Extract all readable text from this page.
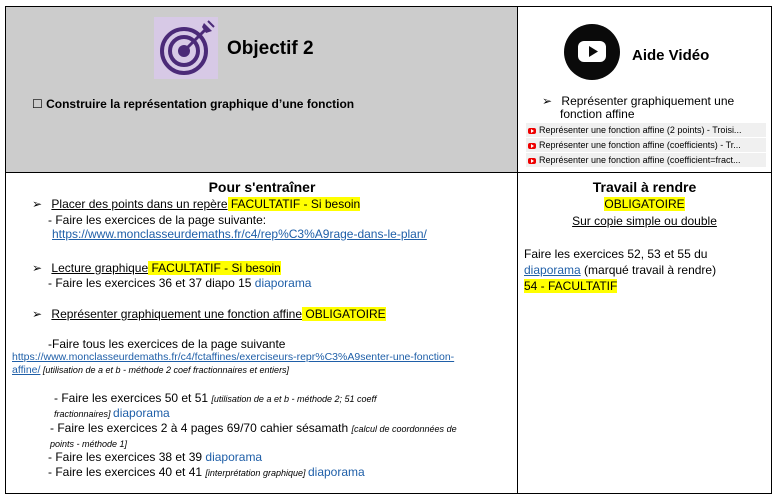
Objectif 2
☐ Construire la représentation graphique d’une fonction
Aide Vidéo
➢ Représenter graphiquement une
fonction affine
Représenter une fonction affine (2 points) - Troisi...
Représenter une fonction affine (coefficients) - Tr...
Représenter une fonction affine (coefficient=fract...
Pour s'entraîner
➢ Placer des points dans un repère FACULTATIF - Si besoin
- Faire les exercices de la page suivante:
https://www.monclasseurdemaths.fr/c4/rep%C3%A9rage-dans-le-plan/
➢ Lecture graphique FACULTATIF - Si besoin
- Faire les exercices 36 et 37 diapo 15 diaporama
➢ Représenter graphiquement une fonction affine OBLIGATOIRE
-Faire tous les exercices de la page suivante
https://www.monclasseurdemaths.fr/c4/fctaffines/exerciseurs-repr%C3%A9senter-une-fonction-
affine/ [utilisation de a et b - méthode 2 coef fractionnaires et entiers]
- Faire les exercices 50 et 51 [utilisation de a et b - méthode 2; 51 coeff
fractionnaires] diaporama
- Faire les exercices 2 à 4 pages 69/70 cahier sésamath [calcul de coordonnées de
points - méthode 1]
- Faire les exercices 38 et 39 diaporama
- Faire les exercices 40 et 41 [interprétation graphique] diaporama
Travail à rendre
OBLIGATOIRE
Sur copie simple ou double
Faire les exercices 52, 53 et 55 du
diaporama (marqué travail à rendre)
54 - FACULTATIF
